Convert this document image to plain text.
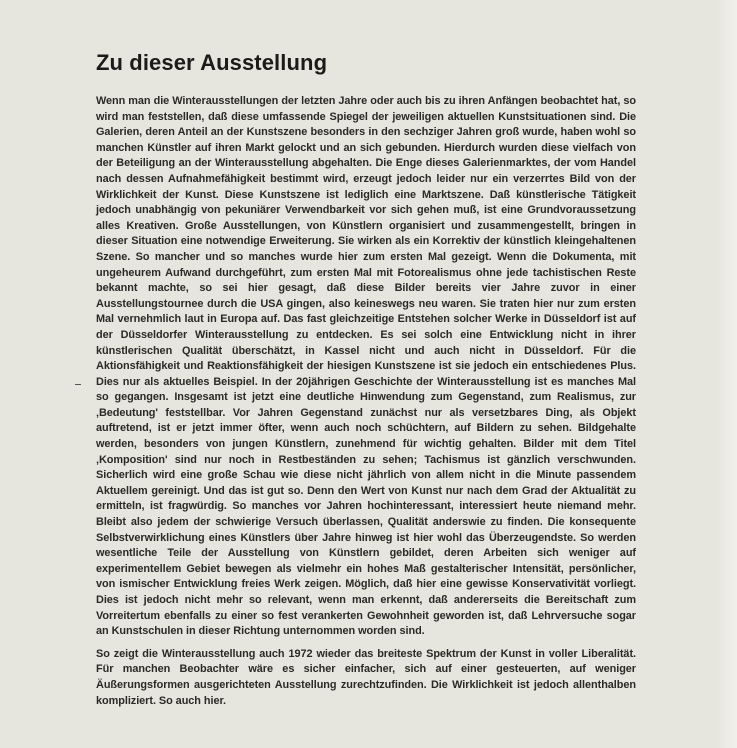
Zu dieser Ausstellung

Wenn man die Winterausstellungen der letzten Jahre oder auch bis zu ihren Anfängen beobachtet hat, so wird man feststellen, daß diese umfassende Spiegel der jeweiligen aktuellen Kunstsituationen sind. Die Galerien, deren Anteil an der Kunstszene besonders in den sechziger Jahren groß wurde, haben wohl so manchen Künstler auf ihren Markt gelockt und an sich gebunden. Hierdurch wurden diese vielfach von der Beteiligung an der Winterausstellung abgehalten. Die Enge dieses Galerienmarktes, der vom Handel nach dessen Aufnahmefähigkeit bestimmt wird, erzeugt jedoch leider nur ein verzerrtes Bild von der Wirklichkeit der Kunst. Diese Kunstszene ist lediglich eine Marktszene. Daß künstlerische Tätigkeit jedoch unabhängig von pekuniärer Verwendbarkeit vor sich gehen muß, ist eine Grundvoraussetzung alles Kreativen. Große Ausstellungen, von Künstlern organisiert und zusammengestellt, bringen in dieser Situation eine notwendige Erweiterung. Sie wirken als ein Korrektiv der künstlich kleingehaltenen Szene. So mancher und so manches wurde hier zum ersten Mal gezeigt. Wenn die Dokumenta, mit ungeheurem Aufwand durchgeführt, zum ersten Mal mit Fotorealismus ohne jede tachistischen Reste bekannt machte, so sei hier gesagt, daß diese Bilder bereits vier Jahre zuvor in einer Ausstellungstournee durch die USA gingen, also keineswegs neu waren. Sie traten hier nur zum ersten Mal vernehmlich laut in Europa auf. Das fast gleichzeitige Entstehen solcher Werke in Düsseldorf ist auf der Düsseldorfer Winterausstellung zu entdecken. Es sei solch eine Entwicklung nicht in ihrer künstlerischen Qualität überschätzt, in Kassel nicht und auch nicht in Düsseldorf. Für die Aktionsfähigkeit und Reaktionsfähigkeit der hiesigen Kunstszene ist sie jedoch ein entschiedenes Plus. Dies nur als aktuelles Beispiel. In der 20jährigen Geschichte der Winterausstellung ist es manches Mal so gegangen. Insgesamt ist jetzt eine deutliche Hinwendung zum Gegenstand, zum Realismus, zur ‚Bedeutung' feststellbar. Vor Jahren Gegenstand zunächst nur als versetzbares Ding, als Objekt auftretend, ist er jetzt immer öfter, wenn auch noch schüchtern, auf Bildern zu sehen. Bildgehalte werden, besonders von jungen Künstlern, zunehmend für wichtig gehalten. Bilder mit dem Titel ‚Komposition' sind nur noch in Restbeständen zu sehen; Tachismus ist gänzlich verschwunden. Sicherlich wird eine große Schau wie diese nicht jährlich von allem nicht in die Minute passendem Aktuellem gereinigt. Und das ist gut so. Denn den Wert von Kunst nur nach dem Grad der Aktualität zu ermitteln, ist fragwürdig. So manches vor Jahren hochinteressant, interessiert heute niemand mehr. Bleibt also jedem der schwierige Versuch überlassen, Qualität anderswie zu finden. Die konsequente Selbstverwirklichung eines Künstlers über Jahre hinweg ist hier wohl das Überzeugendste. So werden wesentliche Teile der Ausstellung von Künstlern gebildet, deren Arbeiten sich weniger auf experimentellem Gebiet bewegen als vielmehr ein hohes Maß gestalterischer Intensität, persönlicher, von ismischer Entwicklung freies Werk zeigen. Möglich, daß hier eine gewisse Konservativität vorliegt. Dies ist jedoch nicht mehr so relevant, wenn man erkennt, daß andererseits die Bereitschaft zum Vorreitertum ebenfalls zu einer so fest verankerten Gewohnheit geworden ist, daß Lehrversuche sogar an Kunstschulen in dieser Richtung unternommen worden sind.

So zeigt die Winterausstellung auch 1972 wieder das breiteste Spektrum der Kunst in voller Liberalität. Für manchen Beobachter wäre es sicher einfacher, sich auf einer gesteuerten, auf weniger Äußerungsformen ausgerichteten Ausstellung zurechtzufinden. Die Wirklichkeit ist jedoch allenthalben kompliziert. So auch hier.
